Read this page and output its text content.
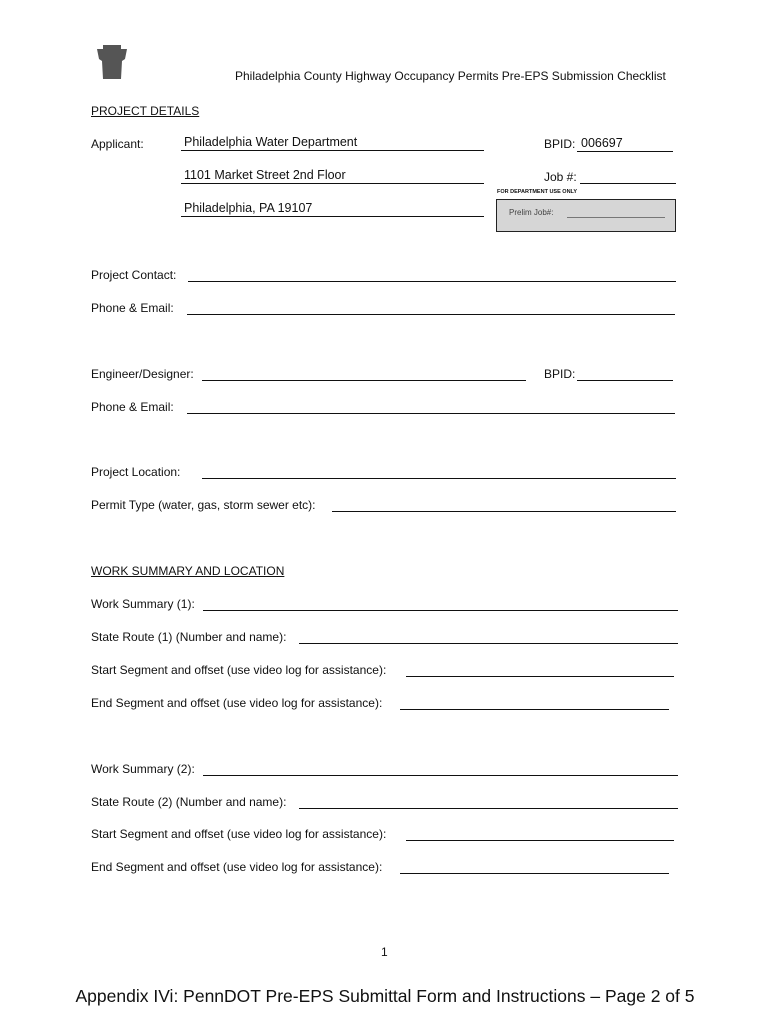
Philadelphia County Highway Occupancy Permits Pre-EPS Submission Checklist
PROJECT DETAILS
Applicant:	Philadelphia Water Department
1101 Market Street 2nd Floor
Philadelphia, PA 19107
BPID: 006697
Job #:
FOR DEPARTMENT USE ONLY
Prelim Job#:
Project Contact:
Phone & Email:
Engineer/Designer:	BPID:
Phone & Email:
Project Location:
Permit Type (water, gas, storm sewer etc):
WORK SUMMARY AND LOCATION
Work Summary (1):
State Route (1) (Number and name):
Start Segment and offset (use video log for assistance):
End Segment and offset (use video log for assistance):
Work Summary (2):
State Route (2) (Number and name):
Start Segment and offset (use video log for assistance):
End Segment and offset (use video log for assistance):
1
Appendix IVi: PennDOT Pre-EPS Submittal Form and Instructions – Page 2 of 5
